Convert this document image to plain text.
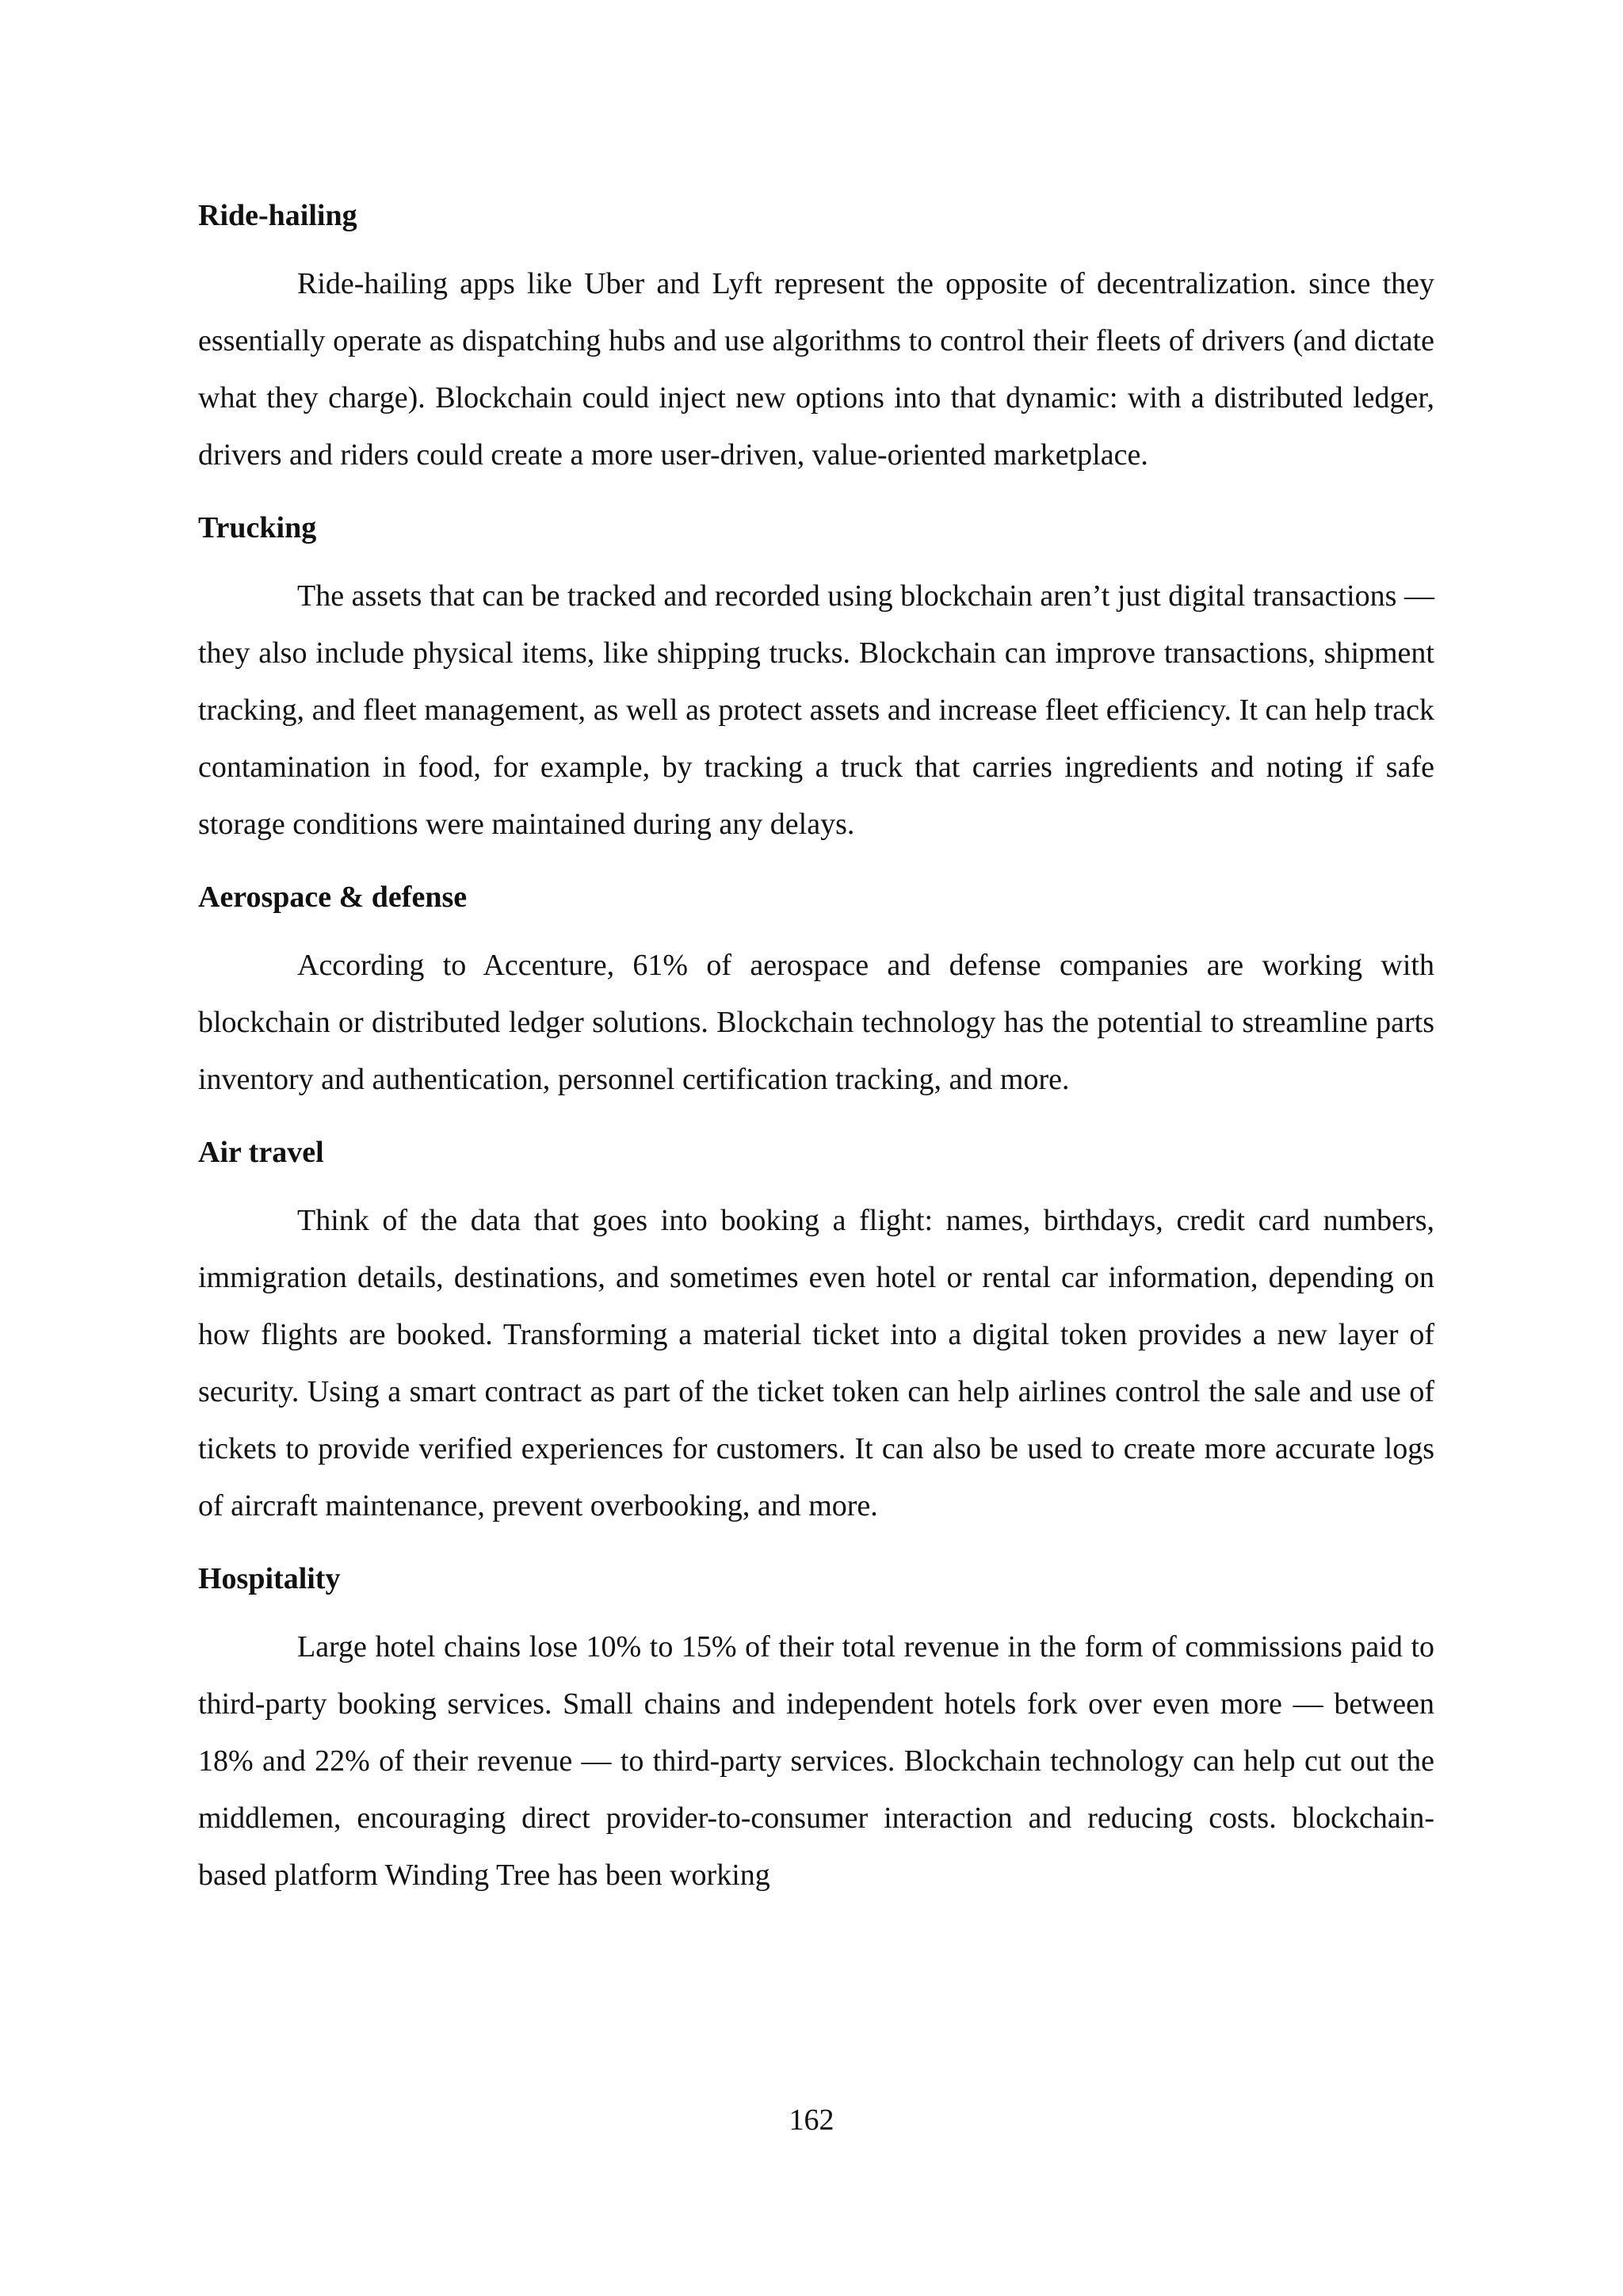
Ride-hailing

Ride-hailing apps like Uber and Lyft represent the opposite of decentralization. since they essentially operate as dispatching hubs and use algorithms to control their fleets of drivers (and dictate what they charge). Blockchain could inject new options into that dynamic: with a distributed ledger, drivers and riders could create a more user-driven, value-oriented marketplace.

Trucking

The assets that can be tracked and recorded using blockchain aren’t just digital transactions — they also include physical items, like shipping trucks. Blockchain can improve transactions, shipment tracking, and fleet management, as well as protect assets and increase fleet efficiency. It can help track contamination in food, for example, by tracking a truck that carries ingredients and noting if safe storage conditions were maintained during any delays.

Aerospace & defense

According to Accenture, 61% of aerospace and defense companies are working with blockchain or distributed ledger solutions. Blockchain technology has the potential to streamline parts inventory and authentication, personnel certification tracking, and more.

Air travel

Think of the data that goes into booking a flight: names, birthdays, credit card numbers, immigration details, destinations, and sometimes even hotel or rental car information, depending on how flights are booked. Transforming a material ticket into a digital token provides a new layer of security. Using a smart contract as part of the ticket token can help airlines control the sale and use of tickets to provide verified experiences for customers. It can also be used to create more accurate logs of aircraft maintenance, prevent overbooking, and more.

Hospitality

Large hotel chains lose 10% to 15% of their total revenue in the form of commissions paid to third-party booking services. Small chains and independent hotels fork over even more — between 18% and 22% of their revenue — to third-party services. Blockchain technology can help cut out the middlemen, encouraging direct provider-to-consumer interaction and reducing costs. blockchain-based platform Winding Tree has been working

162
